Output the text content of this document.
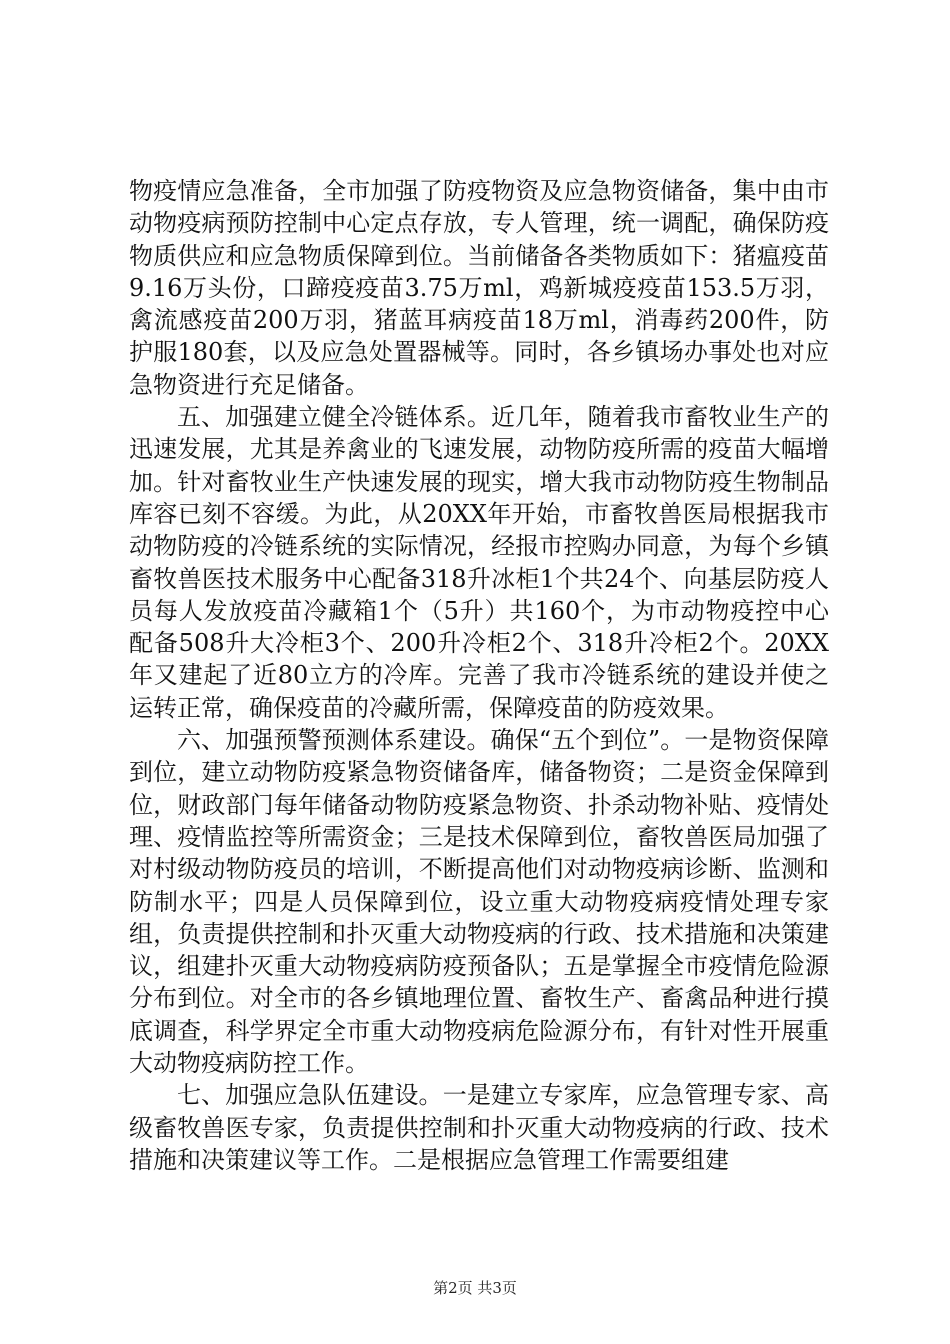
物疫情应急准备，全市加强了防疫物资及应急物资储备，集中由市动物疫病预防控制中心定点存放，专人管理，统一调配，确保防疫物质供应和应急物质保障到位。当前储备各类物质如下：猪瘟疫苗9.16万头份，口蹄疫疫苗3.75万ml，鸡新城疫疫苗153.5万羽，禽流感疫苗200万羽，猪蓝耳病疫苗18万ml，消毒药200件，防护服180套，以及应急处置器械等。同时，各乡镇场办事处也对应急物资进行充足储备。

五、加强建立健全冷链体系。近几年，随着我市畜牧业生产的迅速发展，尤其是养禽业的飞速发展，动物防疫所需的疫苗大幅增加。针对畜牧业生产快速发展的现实，增大我市动物防疫生物制品库容已刻不容缓。为此，从20XX年开始，市畜牧兽医局根据我市动物防疫的冷链系统的实际情况，经报市控购办同意，为每个乡镇畜牧兽医技术服务中心配备318升冰柜1个共24个、向基层防疫人员每人发放疫苗冷藏箱1个（5升）共160个，为市动物疫控中心配备508升大冷柜3个、200升冷柜2个、318升冷柜2个。20XX年又建起了近80立方的冷库。完善了我市冷链系统的建设并使之运转正常，确保疫苗的冷藏所需，保障疫苗的防疫效果。

六、加强预警预测体系建设。确保“五个到位”。一是物资保障到位，建立动物防疫紧急物资储备库，储备物资；二是资金保障到位，财政部门每年储备动物防疫紧急物资、扑杀动物补贴、疫情处理、疫情监控等所需资金；三是技术保障到位，畜牧兽医局加强了对村级动物防疫员的培训，不断提高他们对动物疫病诊断、监测和防制水平；四是人员保障到位，设立重大动物疫病疫情处理专家组，负责提供控制和扑灭重大动物疫病的行政、技术措施和决策建议，组建扑灭重大动物疫病防疫预备队；五是掌握全市疫情危险源分布到位。对全市的各乡镇地理位置、畜牧生产、畜禽品种进行摸底调查，科学界定全市重大动物疫病危险源分布，有针对性开展重大动物疫病防控工作。

七、加强应急队伍建设。一是建立专家库，应急管理专家、高级畜牧兽医专家，负责提供控制和扑灭重大动物疫病的行政、技术措施和决策建议等工作。二是根据应急管理工作需要组建

第2页 共3页
